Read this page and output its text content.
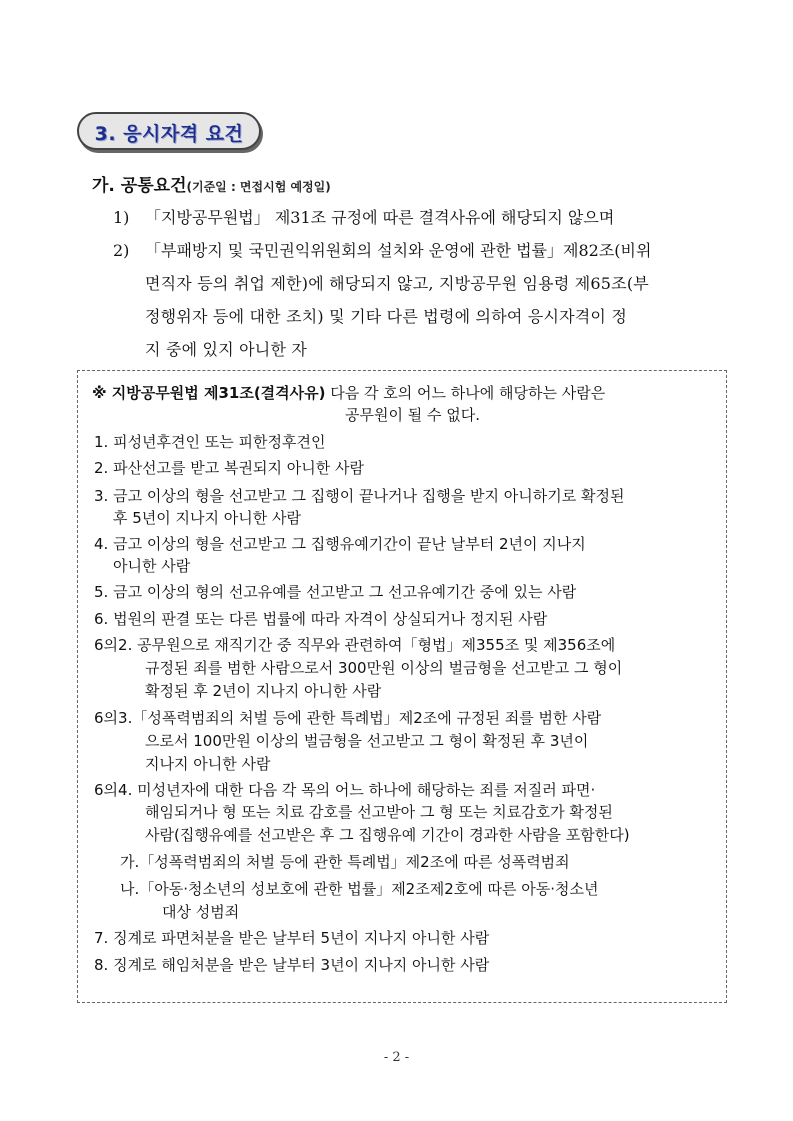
3. 응시자격 요건
가. 공통요건(기준일 : 면접시험 예정일)
1) 「지방공무원법」 제31조 규정에 따른 결격사유에 해당되지 않으며
2) 「부패방지 및 국민권익위원회의 설치와 운영에 관한 법률」제82조(비위
면직자 등의 취업 제한)에 해당되지 않고, 지방공무원 임용령 제65조(부
정행위자 등에 대한 조치) 및 기타 다른 법령에 의하여 응시자격이 정
지 중에 있지 아니한 자
※ 지방공무원법 제31조(결격사유) 다음 각 호의 어느 하나에 해당하는 사람은
공무원이 될 수 없다.
1. 피성년후견인 또는 피한정후견인
2. 파산선고를 받고 복권되지 아니한 사람
3. 금고 이상의 형을 선고받고 그 집행이 끝나거나 집행을 받지 아니하기로 확정된
후 5년이 지나지 아니한 사람
4. 금고 이상의 형을 선고받고 그 집행유예기간이 끝난 날부터 2년이 지나지
아니한 사람
5. 금고 이상의 형의 선고유예를 선고받고 그 선고유예기간 중에 있는 사람
6. 법원의 판결 또는 다른 법률에 따라 자격이 상실되거나 정지된 사람
6의2. 공무원으로 재직기간 중 직무와 관련하여「형법」제355조 및 제356조에
규정된 죄를 범한 사람으로서 300만원 이상의 벌금형을 선고받고 그 형이
확정된 후 2년이 지나지 아니한 사람
6의3.「성폭력범죄의 처벌 등에 관한 특례법」제2조에 규정된 죄를 범한 사람
으로서 100만원 이상의 벌금형을 선고받고 그 형이 확정된 후 3년이
지나지 아니한 사람
6의4. 미성년자에 대한 다음 각 목의 어느 하나에 해당하는 죄를 저질러 파면·
해임되거나 형 또는 치료 감호를 선고받아 그 형 또는 치료감호가 확정된
사람(집행유예를 선고받은 후 그 집행유예 기간이 경과한 사람을 포함한다)
가.「성폭력범죄의 처벌 등에 관한 특례법」제2조에 따른 성폭력범죄
나.「아동·청소년의 성보호에 관한 법률」제2조제2호에 따른 아동·청소년
대상 성범죄
7. 징계로 파면처분을 받은 날부터 5년이 지나지 아니한 사람
8. 징계로 해임처분을 받은 날부터 3년이 지나지 아니한 사람
- 2 -
